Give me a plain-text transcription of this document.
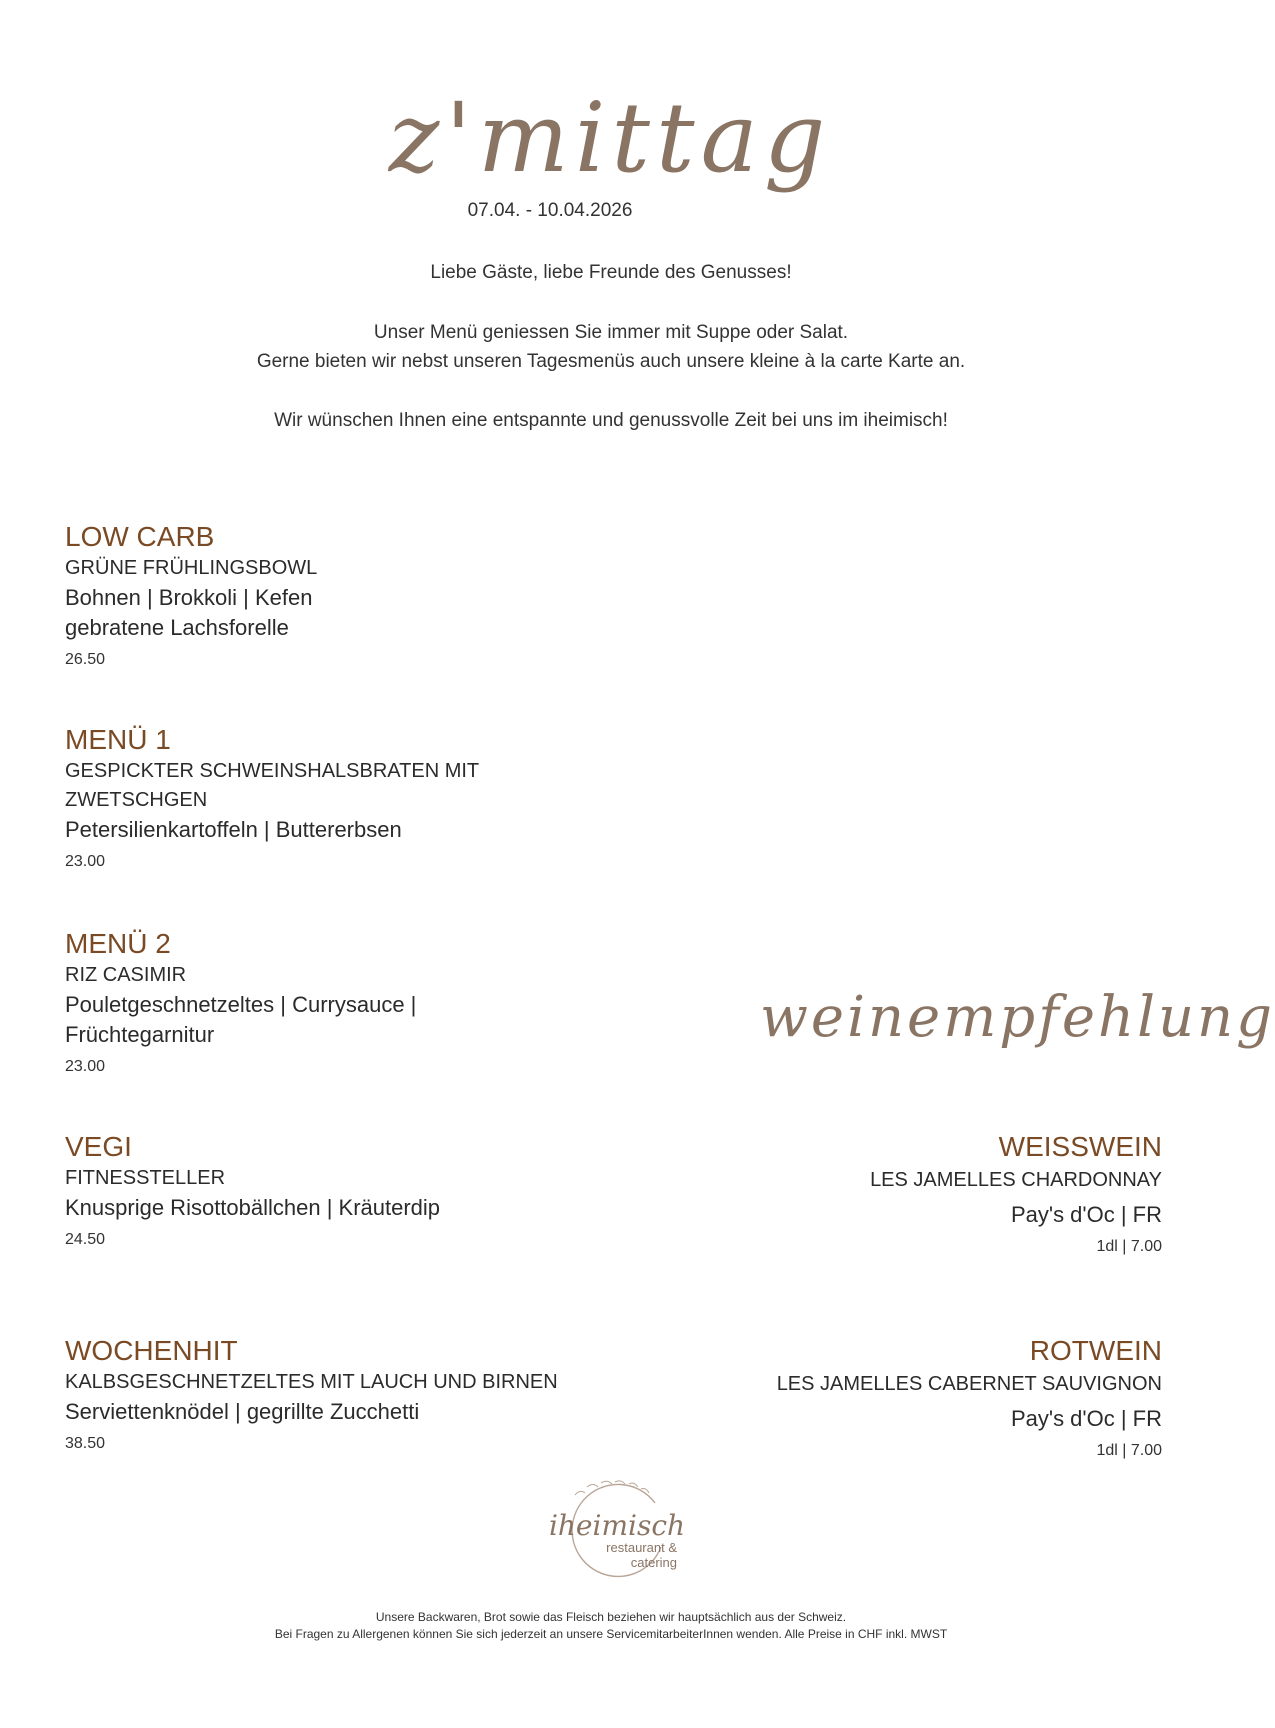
z'mittag
07.04. - 10.04.2026
Liebe Gäste, liebe Freunde des Genusses!
Unser Menü geniessen Sie immer mit Suppe oder Salat.
Gerne bieten wir nebst unseren Tagesmenüs auch unsere kleine à la carte Karte an.
Wir wünschen Ihnen eine entspannte und genussvolle Zeit bei uns im iheimisch!
LOW CARB
GRÜNE FRÜHLINGSBOWL
Bohnen | Brokkoli | Kefen
gebratene Lachsforelle
26.50
MENÜ 1
GESPICKTER SCHWEINSHALSBRATEN MIT
ZWETSCHGEN
Petersilienkartoffeln | Buttererbsen
23.00
MENÜ 2
RIZ CASIMIR
Pouletgeschnetzeltes | Currysauce |
Früchtegarnitur
23.00
VEGI
FITNESSTELLER
Knusprige Risottobällchen | Kräuterdip
24.50
WOCHENHIT
KALBSGESCHNETZELTES MIT LAUCH UND BIRNEN
Serviettenknödel | gegrillte Zucchetti
38.50
weinempfehlung
WEISSWEIN
LES JAMELLES CHARDONNAY
Pay's d'Oc | FR
1dl | 7.00
ROTWEIN
LES JAMELLES CABERNET SAUVIGNON
Pay's d'Oc | FR
1dl | 7.00
iheimisch
restaurant &
catering
Unsere Backwaren, Brot sowie das Fleisch beziehen wir hauptsächlich aus der Schweiz.
Bei Fragen zu Allergenen können Sie sich jederzeit an unsere ServicemitarbeiterInnen wenden. Alle Preise in CHF inkl. MWST
